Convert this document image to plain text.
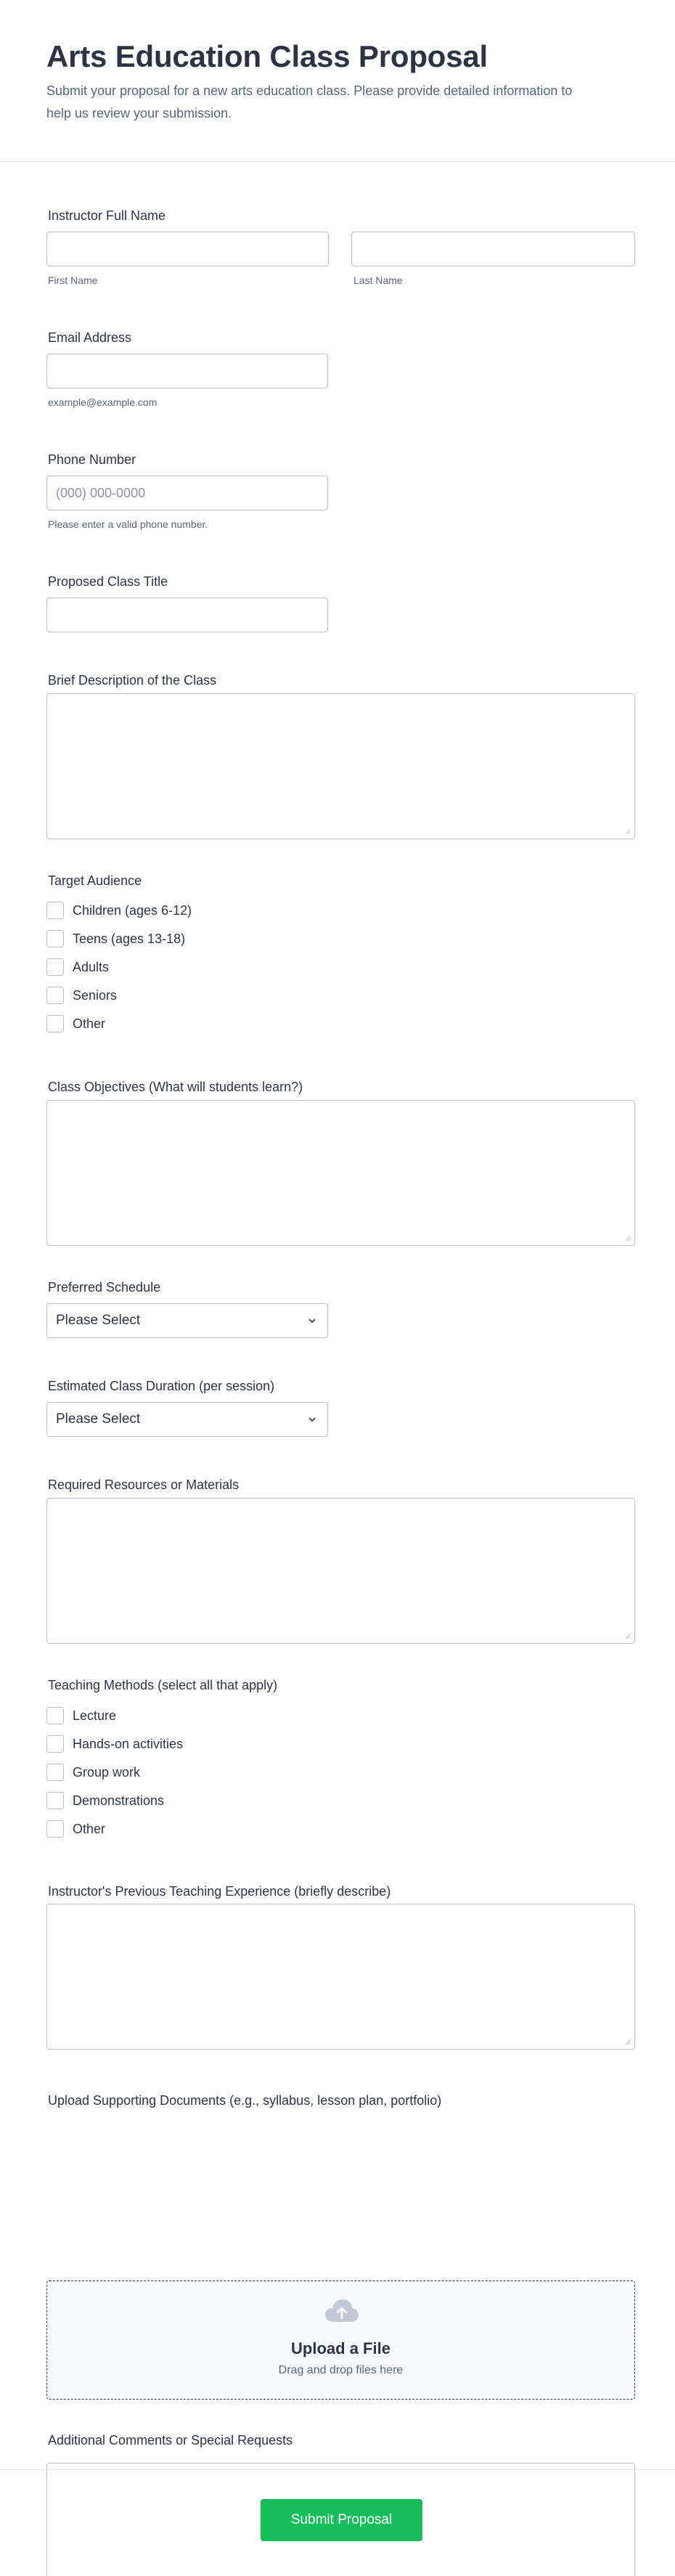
Arts Education Class Proposal

Submit your proposal for a new arts education class. Please provide detailed information to help us review your submission.

Instructor Full Name
First Name	Last Name
Email Address
example@example.com
Phone Number
(000) 000-0000
Please enter a valid phone number.
Proposed Class Title
Brief Description of the Class
Target Audience
Children (ages 6-12)
Teens (ages 13-18)
Adults
Seniors
Other
Class Objectives (What will students learn?)
Preferred Schedule
Please Select
Estimated Class Duration (per session)
Please Select
Required Resources or Materials
Teaching Methods (select all that apply)
Lecture
Hands-on activities
Group work
Demonstrations
Other
Instructor's Previous Teaching Experience (briefly describe)
Upload Supporting Documents (e.g., syllabus, lesson plan, portfolio)
Upload a File
Drag and drop files here
Additional Comments or Special Requests
Submit Proposal
